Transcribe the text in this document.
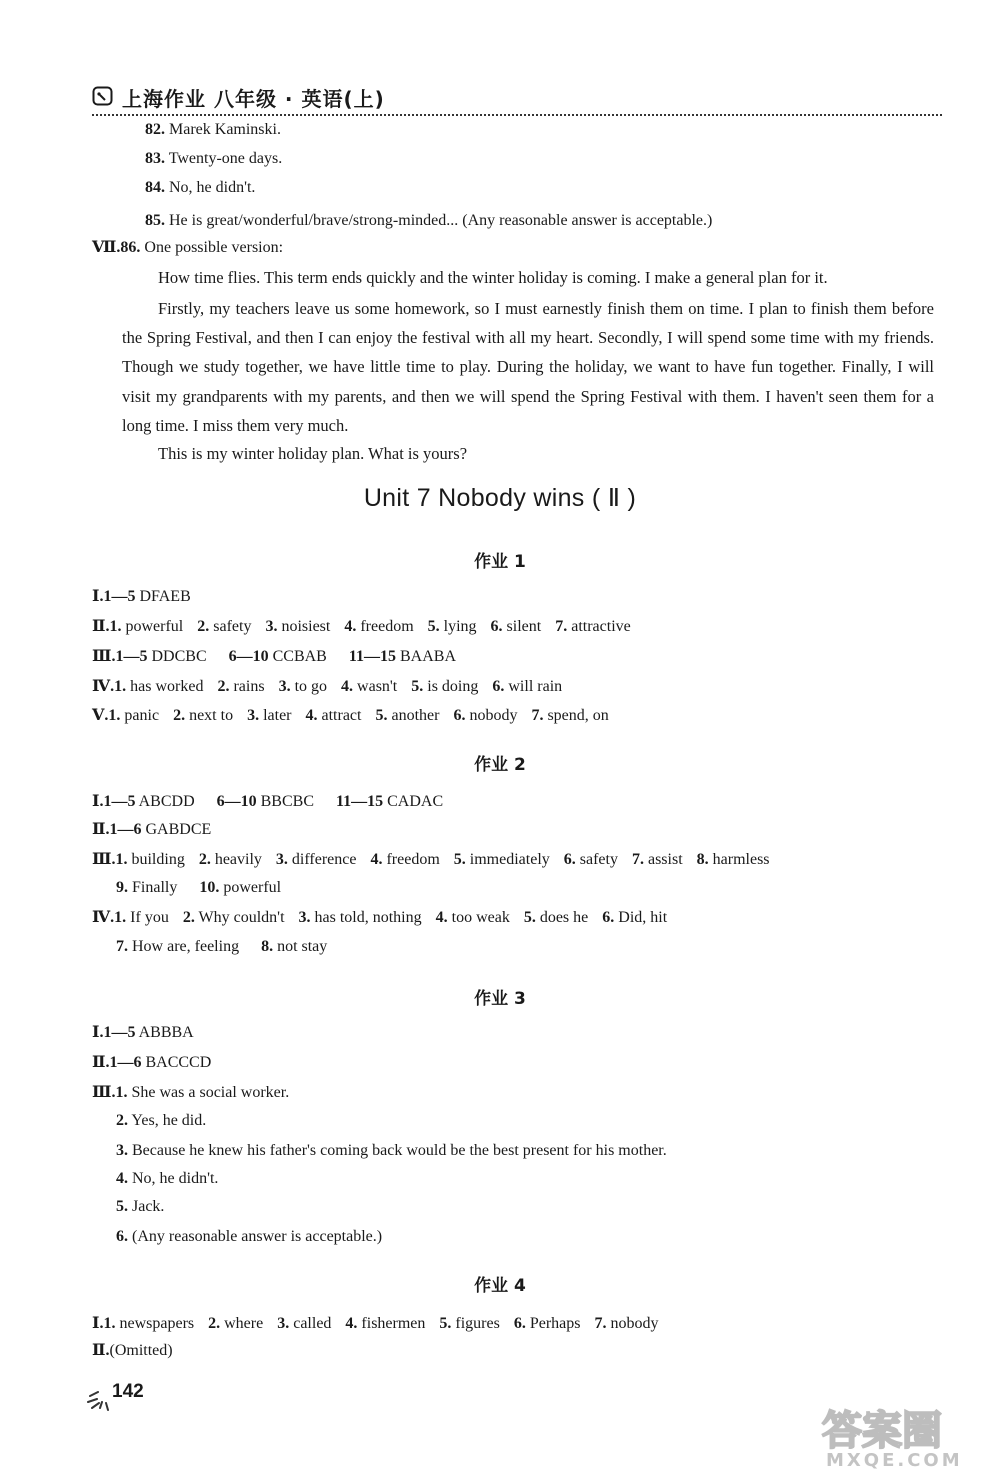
上海作业 八年级 · 英语(上)
82. Marek Kaminski.
83. Twenty-one days.
84. No, he didn't.
85. He is great/wonderful/brave/strong-minded... (Any reasonable answer is acceptable.)
Ⅶ.86. One possible version:

How time flies. This term ends quickly and the winter holiday is coming. I make a general plan for it.

Firstly, my teachers leave us some homework, so I must earnestly finish them on time. I plan to finish them before the Spring Festival, and then I can enjoy the festival with all my heart. Secondly, I will spend some time with my friends. Though we study together, we have little time to play. During the holiday, we want to have fun together. Finally, I will visit my grandparents with my parents, and then we will spend the Spring Festival with them. I haven't seen them for a long time. I miss them very much.

This is my winter holiday plan. What is yours?

Unit 7 Nobody wins ( Ⅱ )
作业 1
Ⅰ.1—5 DFAEB
Ⅱ.1. powerful 2. safety 3. noisiest 4. freedom 5. lying 6. silent 7. attractive
Ⅲ.1—5 DDCBC 6—10 CCBAB 11—15 BAABA
Ⅳ.1. has worked 2. rains 3. to go 4. wasn't 5. is doing 6. will rain
Ⅴ.1. panic 2. next to 3. later 4. attract 5. another 6. nobody 7. spend, on
作业 2
Ⅰ.1—5 ABCDD 6—10 BBCBC 11—15 CADAC
Ⅱ.1—6 GABDCE
Ⅲ.1. building 2. heavily 3. difference 4. freedom 5. immediately 6. safety 7. assist 8. harmless
9. Finally 10. powerful
Ⅳ.1. If you 2. Why couldn't 3. has told, nothing 4. too weak 5. does he 6. Did, hit
7. How are, feeling 8. not stay
作业 3
Ⅰ.1—5 ABBBA
Ⅱ.1—6 BACCCD
Ⅲ.1. She was a social worker.
2. Yes, he did.
3. Because he knew his father's coming back would be the best present for his mother.
4. No, he didn't.
5. Jack.
6. (Any reasonable answer is acceptable.)
作业 4
Ⅰ.1. newspapers 2. where 3. called 4. fishermen 5. figures 6. Perhaps 7. nobody
Ⅱ.(Omitted)
142
答案圈
MXQE.COM
